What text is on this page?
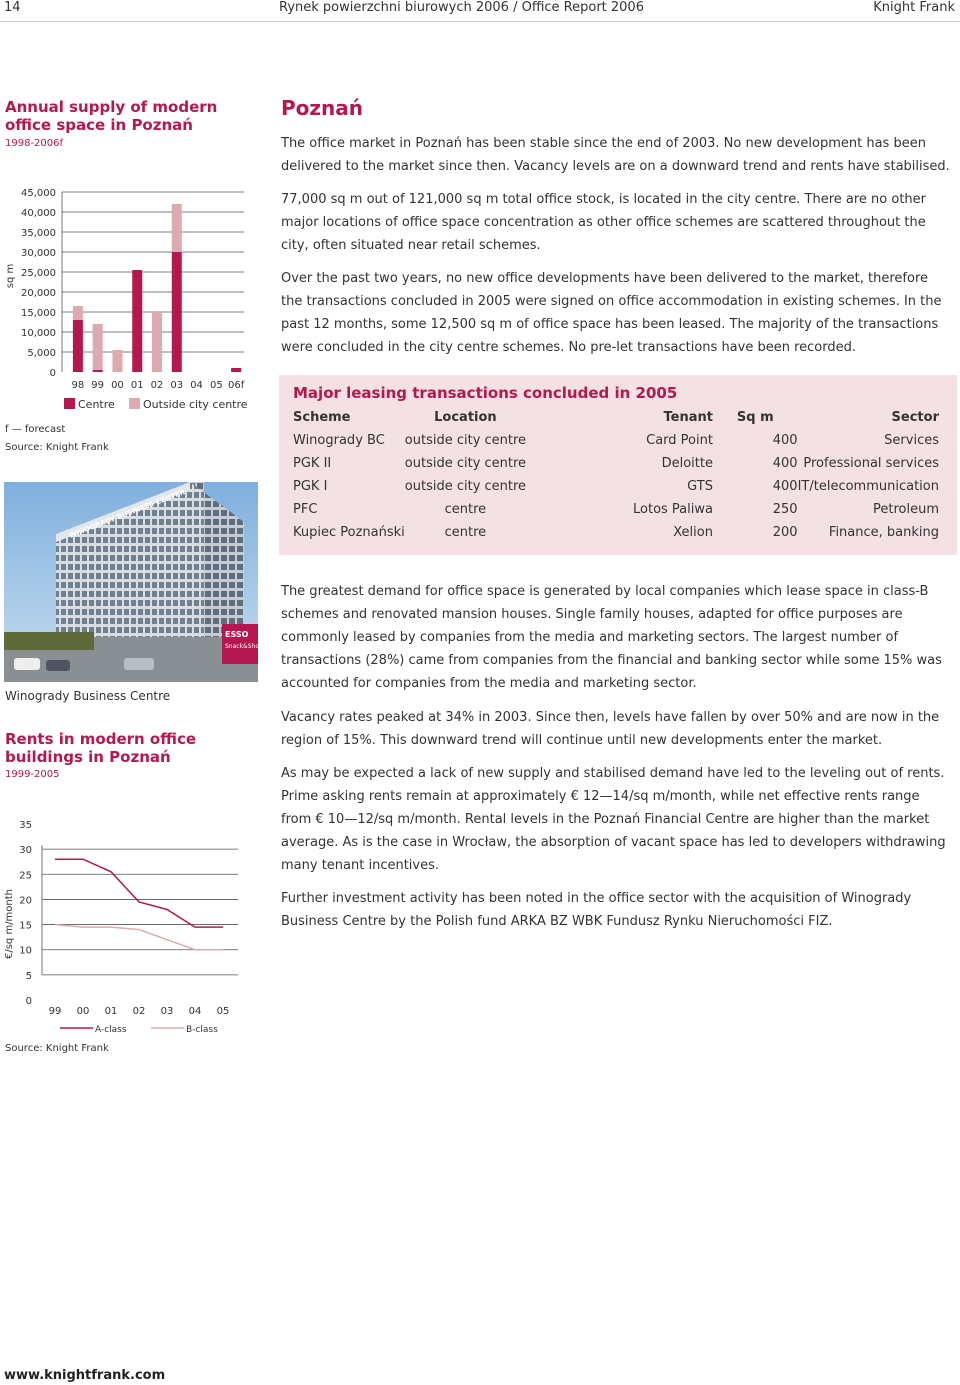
14	Rynek powierzchni biurowych 2006 / Office Report 2006	Knight Frank
Annual supply of modern office space in Poznań
1998-2006f
sq m
0
5,000
10,000
15,000
20,000
25,000
30,000
35,000
40,000
45,000
98 99 00 01 02 03 04 05 06f
Centre	Outside city centre
f — forecast
Source: Knight Frank
WINOGRADY BUSINESS CENTER
ESSO
Snack&Shop
Winogrady Business Centre
Rents in modern office buildings in Poznań
1999-2005
€/sq m/month
0
5
10
15
20
25
30
35
99 00 01 02 03 04 05
A-class	B-class
Source: Knight Frank
Poznań

The office market in Poznań has been stable since the end of 2003. No new development has been delivered to the market since then. Vacancy levels are on a downward trend and rents have stabilised.

77,000 sq m out of 121,000 sq m total office stock, is located in the city centre. There are no other major locations of office space concentration as other office schemes are scattered throughout the city, often situated near retail schemes.

Over the past two years, no new office developments have been delivered to the market, therefore the transactions concluded in 2005 were signed on office accommodation in existing schemes. In the past 12 months, some 12,500 sq m of office space has been leased. The majority of the transactions were concluded in the city centre schemes. No pre-let transactions have been recorded.

Major leasing transactions concluded in 2005
Scheme	Location	Tenant	Sq m	Sector
Winogrady BC	outside city centre	Card Point	400	Services
PGK II	outside city centre	Deloitte	400	Professional services
PGK I	outside city centre	GTS	400	IT/telecommunication
PFC	centre	Lotos Paliwa	250	Petroleum
Kupiec Poznański	centre	Xelion	200	Finance, banking

The greatest demand for office space is generated by local companies which lease space in class-B schemes and renovated mansion houses. Single family houses, adapted for office purposes are commonly leased by companies from the media and marketing sectors. The largest number of transactions (28%) came from companies from the financial and banking sector while some 15% was accounted for companies from the media and marketing sector.

Vacancy rates peaked at 34% in 2003. Since then, levels have fallen by over 50% and are now in the region of 15%. This downward trend will continue until new developments enter the market.

As may be expected a lack of new supply and stabilised demand have led to the leveling out of rents. Prime asking rents remain at approximately € 12—14/sq m/month, while net effective rents range from € 10—12/sq m/month. Rental levels in the Poznań Financial Centre are higher than the market average. As is the case in Wrocław, the absorption of vacant space has led to developers withdrawing many tenant incentives.

Further investment activity has been noted in the office sector with the acquisition of Winogrady Business Centre by the Polish fund ARKA BZ WBK Fundusz Rynku Nieruchomości FIZ.

www.knightfrank.com
